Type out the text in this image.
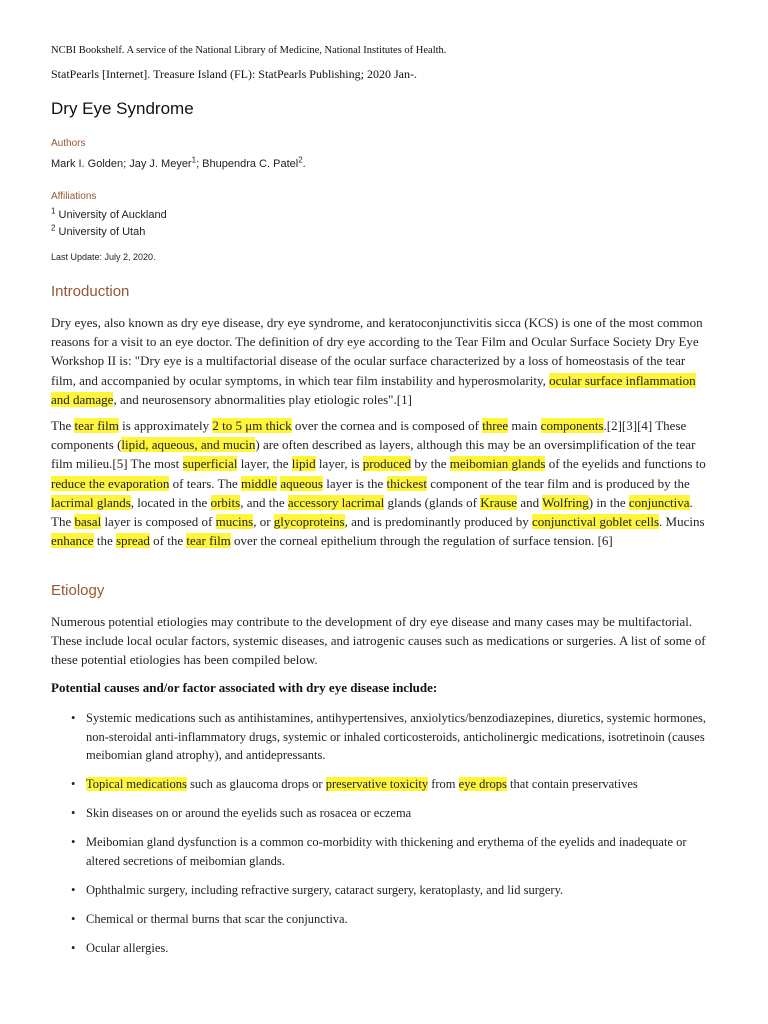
NCBI Bookshelf. A service of the National Library of Medicine, National Institutes of Health.
StatPearls [Internet]. Treasure Island (FL): StatPearls Publishing; 2020 Jan-.
Dry Eye Syndrome
Authors
Mark I. Golden; Jay J. Meyer$^1$; Bhupendra C. Patel$^2$.
Affiliations
$^1$ University of Auckland
$^2$ University of Utah
Last Update: July 2, 2020.
Introduction

Dry eyes, also known as dry eye disease, dry eye syndrome, and keratoconjunctivitis sicca (KCS) is one of the most common reasons for a visit to an eye doctor. The definition of dry eye according to the Tear Film and Ocular Surface Society Dry Eye Workshop II is: "Dry eye is a multifactorial disease of the ocular surface characterized by a loss of homeostasis of the tear film, and accompanied by ocular symptoms, in which tear film instability and hyperosmolarity, ocular surface inflammation and damage, and neurosensory abnormalities play etiologic roles".[1]

The tear film is approximately 2 to 5 μm thick over the cornea and is composed of three main components.[2][3][4] These components (lipid, aqueous, and mucin) are often described as layers, although this may be an oversimplification of the tear film milieu.[5] The most superficial layer, the lipid layer, is produced by the meibomian glands of the eyelids and functions to reduce the evaporation of tears. The middle aqueous layer is the thickest component of the tear film and is produced by the lacrimal glands, located in the orbits, and the accessory lacrimal glands (glands of Krause and Wolfring) in the conjunctiva. The basal layer is composed of mucins, or glycoproteins, and is predominantly produced by conjunctival goblet cells. Mucins enhance the spread of the tear film over the corneal epithelium through the regulation of surface tension. [6]

Etiology

Numerous potential etiologies may contribute to the development of dry eye disease and many cases may be multifactorial. These include local ocular factors, systemic diseases, and iatrogenic causes such as medications or surgeries. A list of some of these potential etiologies has been compiled below.

Potential causes and/or factor associated with dry eye disease include:
• Systemic medications such as antihistamines, antihypertensives, anxiolytics/benzodiazepines, diuretics, systemic hormones, non-steroidal anti-inflammatory drugs, systemic or inhaled corticosteroids, anticholinergic medications, isotretinoin (causes meibomian gland atrophy), and antidepressants.
• Topical medications such as glaucoma drops or preservative toxicity from eye drops that contain preservatives
• Skin diseases on or around the eyelids such as rosacea or eczema
• Meibomian gland dysfunction is a common co-morbidity with thickening and erythema of the eyelids and inadequate or altered secretions of meibomian glands.
• Ophthalmic surgery, including refractive surgery, cataract surgery, keratoplasty, and lid surgery.
• Chemical or thermal burns that scar the conjunctiva.
• Ocular allergies.
